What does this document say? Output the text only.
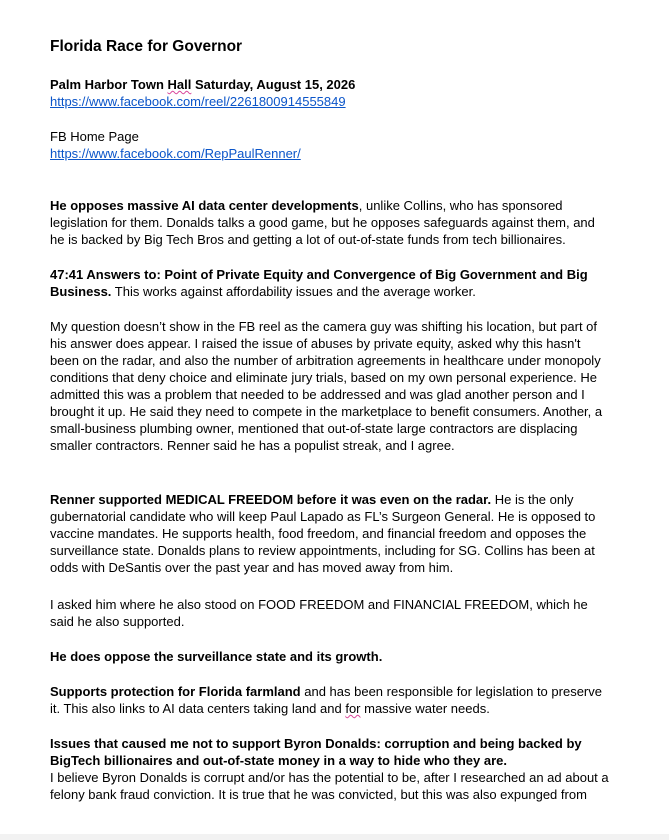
Florida Race for Governor
Palm Harbor Town Hall Saturday, August 15, 2026
https://www.facebook.com/reel/2261800914555849
FB Home Page
https://www.facebook.com/RepPaulRenner/

He opposes massive AI data center developments, unlike Collins, who has sponsored legislation for them. Donalds talks a good game, but he opposes safeguards against them, and he is backed by Big Tech Bros and getting a lot of out-of-state funds from tech billionaires.

47:41 Answers to: Point of Private Equity and Convergence of Big Government and Big Business. This works against affordability issues and the average worker.

My question doesn’t show in the FB reel as the camera guy was shifting his location, but part of his answer does appear. I raised the issue of abuses by private equity, asked why this hasn't been on the radar, and also the number of arbitration agreements in healthcare under monopoly conditions that deny choice and eliminate jury trials, based on my own personal experience. He admitted this was a problem that needed to be addressed and was glad another person and I brought it up. He said they need to compete in the marketplace to benefit consumers. Another, a small-business plumbing owner, mentioned that out-of-state large contractors are displacing smaller contractors. Renner said he has a populist streak, and I agree.

Renner supported MEDICAL FREEDOM before it was even on the radar. He is the only gubernatorial candidate who will keep Paul Lapado as FL’s Surgeon General. He is opposed to vaccine mandates. He supports health, food freedom, and financial freedom and opposes the surveillance state. Donalds plans to review appointments, including for SG. Collins has been at odds with DeSantis over the past year and has moved away from him.

I asked him where he also stood on FOOD FREEDOM and FINANCIAL FREEDOM, which he said he also supported.

He does oppose the surveillance state and its growth.

Supports protection for Florida farmland and has been responsible for legislation to preserve it. This also links to AI data centers taking land and for massive water needs.

Issues that caused me not to support Byron Donalds: corruption and being backed by BigTech billionaires and out-of-state money in a way to hide who they are.
I believe Byron Donalds is corrupt and/or has the potential to be, after I researched an ad about a felony bank fraud conviction. It is true that he was convicted, but this was also expunged from
